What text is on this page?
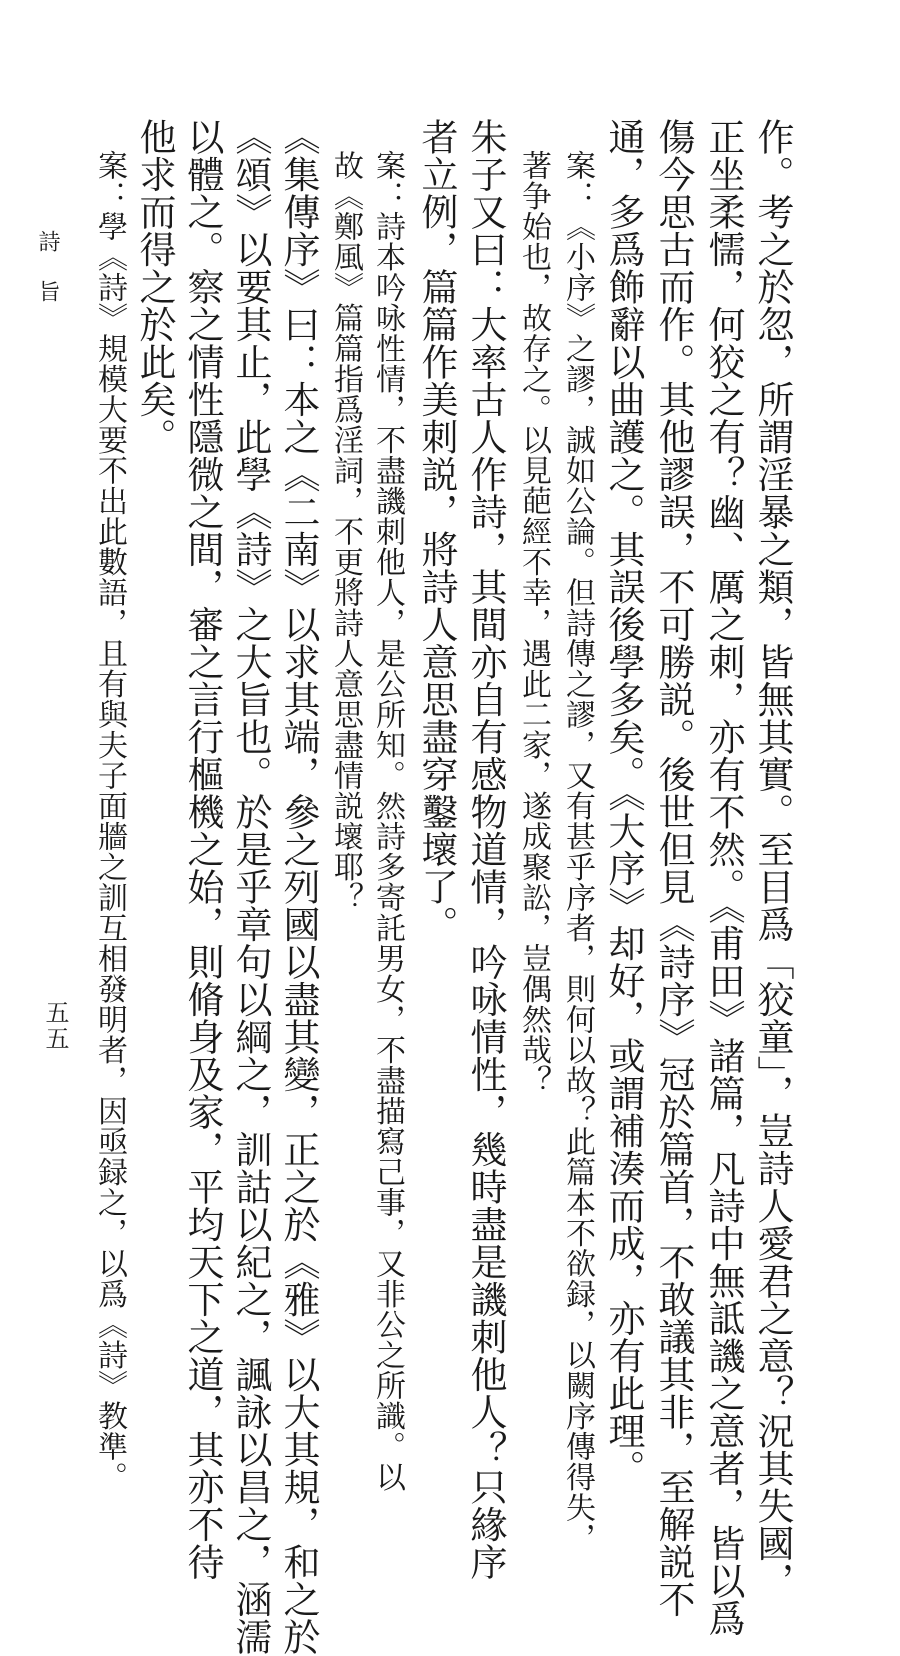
作。考之於忽，所謂淫暴之類，皆無其實。至目爲「狡童」，豈詩人愛君之意？況其失國，
正坐柔懦，何狡之有？幽、厲之刺，亦有不然。《甫田》諸篇，凡詩中無詆譏之意者，皆以爲
傷今思古而作。其他謬誤，不可勝説。後世但見《詩序》冠於篇首，不敢議其非，至解説不
通，多爲飾辭以曲護之。其誤後學多矣。《大序》却好，或謂補湊而成，亦有此理。
案：《小序》之謬，誠如公論。但詩傳之謬，又有甚乎序者，則何以故？此篇本不欲録，以闕序傳得失，
著争始也，故存之。以見葩經不幸，遇此二家，遂成聚訟，豈偶然哉？
朱子又曰：大率古人作詩，其間亦自有感物道情，吟咏情性，幾時盡是譏刺他人？只緣序
者立例，篇篇作美刺説，將詩人意思盡穿鑿壞了。
案：詩本吟咏性情，不盡譏刺他人，是公所知。然詩多寄託男女，不盡描寫己事，又非公之所識。以
故《鄭風》篇篇指爲淫詞，不更將詩人意思盡情説壞耶？
《集傳序》曰：本之《二南》以求其端，參之列國以盡其變，正之於《雅》以大其規，和之於
《頌》以要其止，此學《詩》之大旨也。於是乎章句以綱之，訓詁以紀之，諷詠以昌之，涵濡
以體之。察之情性隱微之間，審之言行樞機之始，則脩身及家，平均天下之道，其亦不待
他求而得之於此矣。
案：學《詩》規模大要不出此數語，且有與夫子面牆之訓互相發明者，因亟録之，以爲《詩》教準。
詩旨
五五
